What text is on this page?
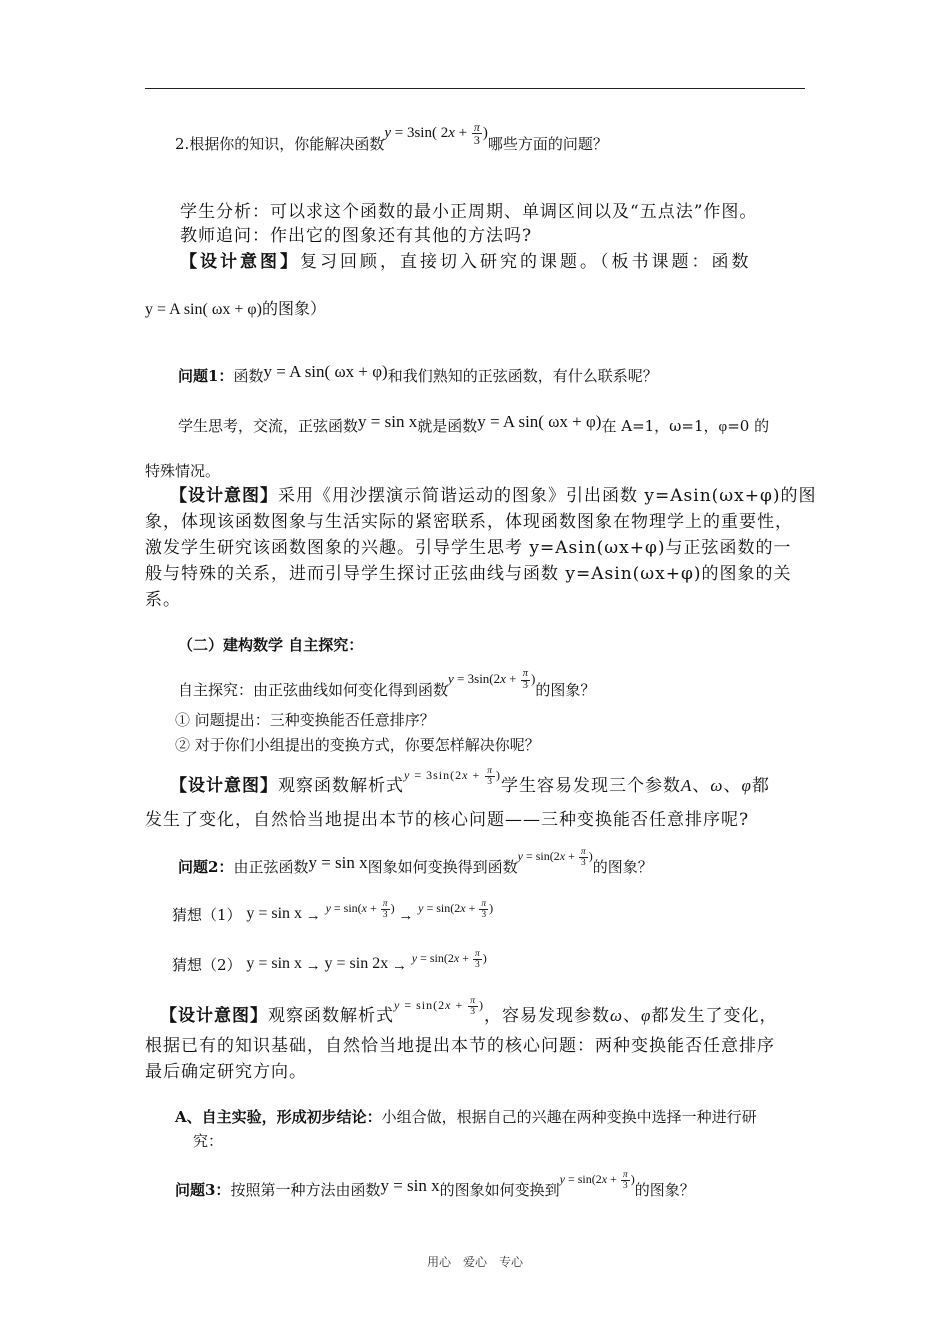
2.根据你的知识，你能解决函数y = 3sin( $2x + \frac{\pi}{3}$ )哪些方面的问题？
学生分析：可以求这个函数的最小正周期、单调区间以及“五点法”作图。
教师追问：作出它的图象还有其他的方法吗?
【设计意图】复习回顾，直接切入研究的课题。（板书课题：函数
y = A sin( ωx + φ)的图象）
问题1：函数y = A sin( ωx + φ)和我们熟知的正弦函数，有什么联系呢？
学生思考，交流，正弦函数y = sin x就是函数y = A sin( ωx + φ)在 A=1，ω=1，φ=0 的
特殊情况。
【设计意图】采用《用沙摆演示简谐运动的图象》引出函数 y=Asin(ωx+φ)的图
象，体现该函数图象与生活实际的紧密联系，体现函数图象在物理学上的重要性，
激发学生研究该函数图象的兴趣。引导学生思考 y=Asin(ωx+φ)与正弦函数的一
般与特殊的关系，进而引导学生探讨正弦曲线与函数 y=Asin(ωx+φ)的图象的关
系。
（二）建构数学 自主探究：
自主探究：由正弦曲线如何变化得到函数$y = 3\sin(2x + \frac{\pi}{3}$ )的图象？
① 问题提出：三种变换能否任意排序？
② 对于你们小组提出的变换方式，你要怎样解决你呢？
【设计意图】观察函数解析式$^{y = 3sin(2x + \frac{\pi}{3} )}$学生容易发现三个参数A、ω、φ都
发生了变化，自然恰当地提出本节的核心问题——三种变换能否任意排序呢?
问题2：由正弦函数y = sin x图象如何变换得到函数$^{y = sin(2x + \frac{\pi}{3} )}$的图象？
猜想（1） y = sin x → $^{y = sin(x + \frac{\pi}{3} )}$ → $^{y = sin(2x + \frac{\pi}{3} )}$
猜想（2） y = sin x → y = sin 2x → $^{y = sin(2x + \frac{\pi}{3} )}$
【设计意图】观察函数解析式$^{y = sin(2x + \frac{\pi}{3} )}$，容易发现参数ω、φ都发生了变化，
根据已有的知识基础，自然恰当地提出本节的核心问题：两种变换能否任意排序
最后确定研究方向。
A、自主实验，形成初步结论：小组合做，根据自己的兴趣在两种变换中选择一种进行研
究：
问题3：按照第一种方法由函数y = sin x的图象如何变换到$^{y = sin(2x + \frac{\pi}{3} )}$的图象？
用心　爱心　专心
